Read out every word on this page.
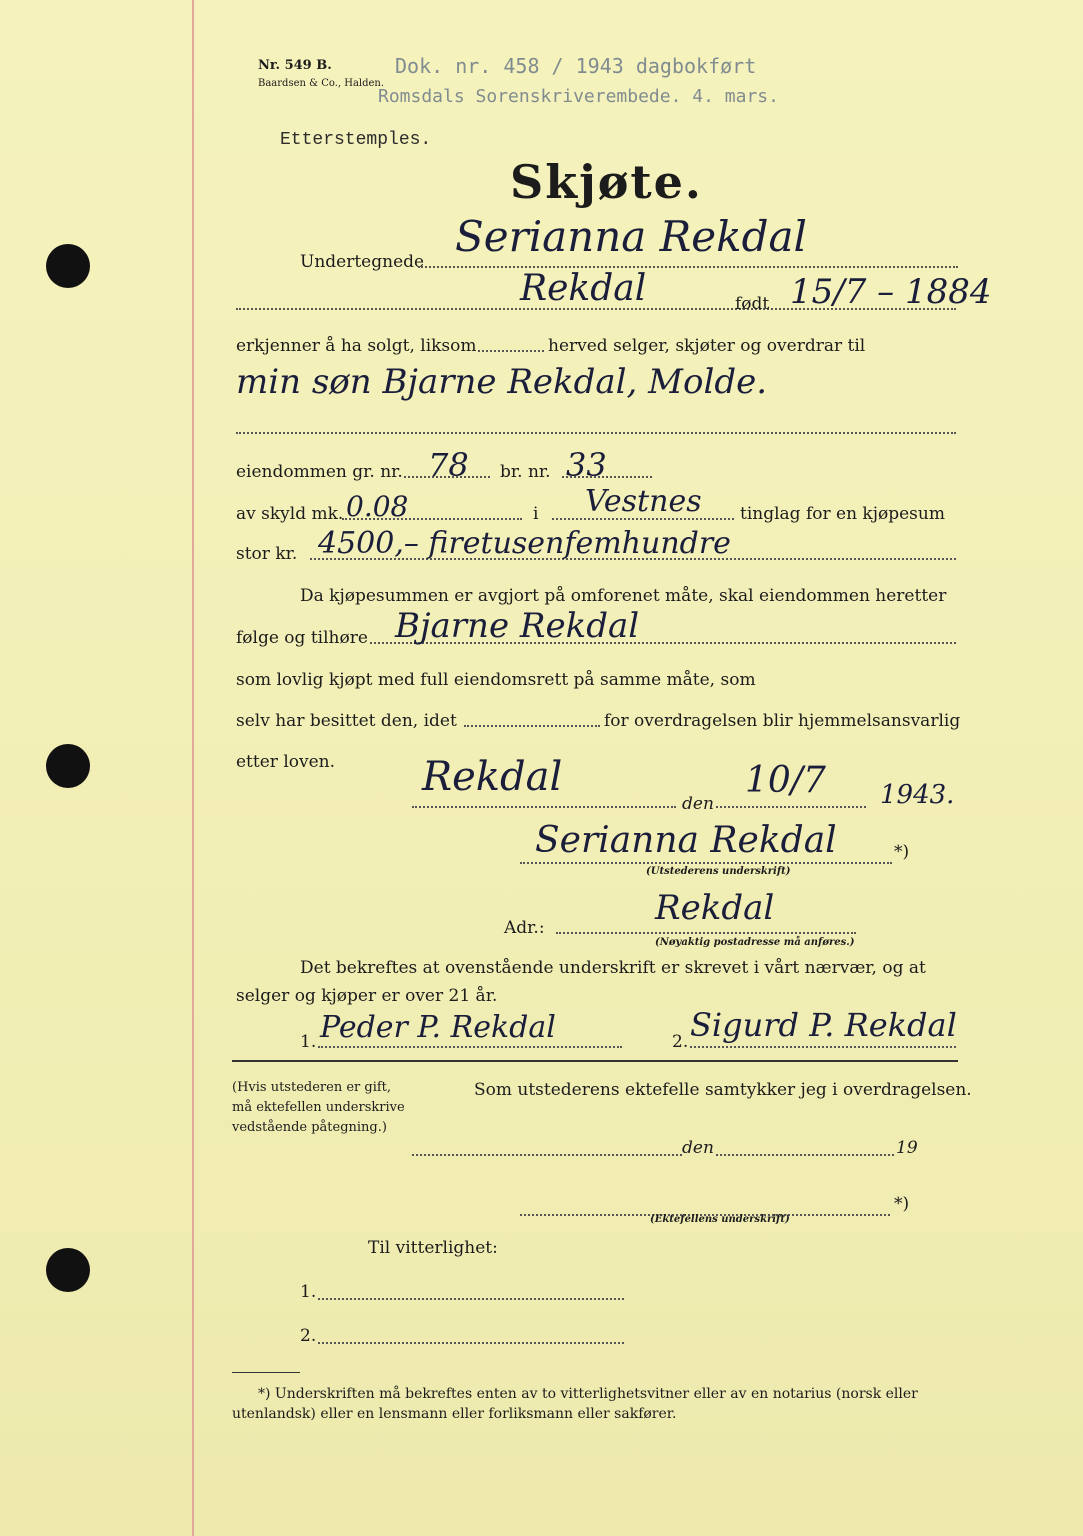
Nr. 549 B.
Baardsen & Co., Halden.
Dok. nr. 458 / 1943 dagbokført
Romsdals Sorenskriverembede. 4. mars.
Etterstemples.
Skjøte.
Undertegnede
Serianna Rekdal
Rekdal	født 15/7 – 1884
erkjenner å ha solgt, liksom	herved selger, skjøter og overdrar til
min søn Bjarne Rekdal, Molde.
eiendommen gr. nr. 78 br. nr. 33
av skyld mk. 0.08	i Vestnes tinglag for en kjøpesum
stor kr. 4500,– firetusenfemhundre
Da kjøpesummen er avgjort på omforenet måte, skal eiendommen heretter
følge og tilhøre Bjarne Rekdal
som lovlig kjøpt med full eiendomsrett på samme måte, som
selv har besittet den, idet	for overdragelsen blir hjemmelsansvarlig
etter loven. Rekdal
den
10/7 1943.
Serianna Rekdal	*)
(Utstederens underskrift)
Adr.:	Rekdal
(Nøyaktig postadresse må anføres.)
Det bekreftes at ovenstående underskrift er skrevet i vårt nærvær, og at
selger og kjøper er over 21 år.
1. Peder P. Rekdal	2. Sigurd P. Rekdal
(Hvis utstederen er gift,
må ektefellen underskrive
vedstående påtegning.)
Som utstederens ektefelle samtykker jeg i overdragelsen.
den	19
*)
(Ektefellens underskrift)
Til vitterlighet:
1.
2.
*) Underskriften må bekreftes enten av to vitterlighetsvitner eller av en notarius (norsk eller
utenlandsk) eller en lensmann eller forliksmann eller sakfører.
